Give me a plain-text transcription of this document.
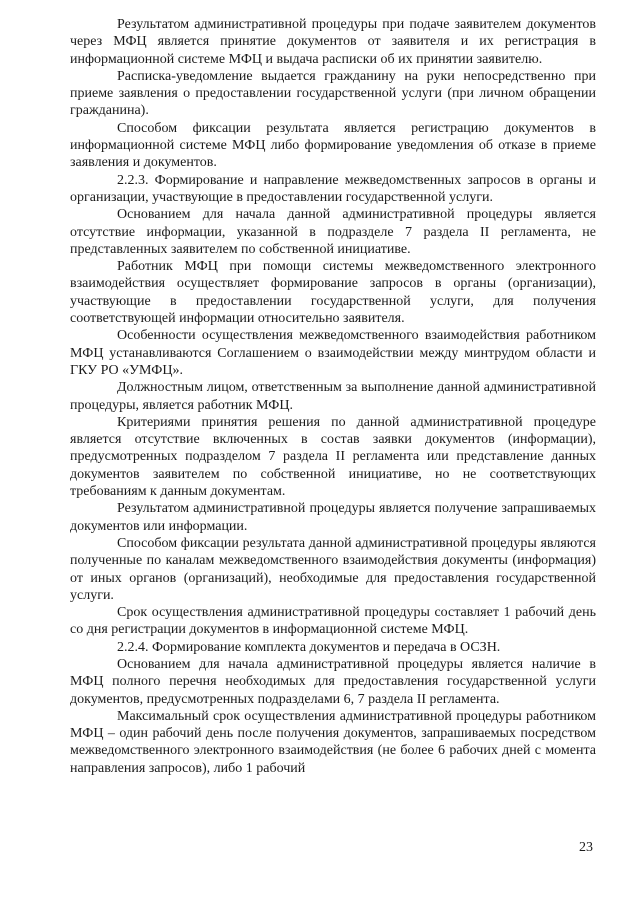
Результатом административной процедуры при подаче заявителем документов через МФЦ является принятие документов от заявителя и их регистрация в информационной системе МФЦ и выдача расписки об их принятии заявителю.

Расписка-уведомление выдается гражданину на руки непосредственно при приеме заявления о предоставлении государственной услуги (при личном обращении гражданина).

Способом фиксации результата является регистрацию документов в информационной системе МФЦ либо формирование уведомления об отказе в приеме заявления и документов.

2.2.3. Формирование и направление межведомственных запросов в органы и организации, участвующие в предоставлении государственной услуги.

Основанием для начала данной административной процедуры является отсутствие информации, указанной в подразделе 7 раздела II регламента, не представленных заявителем по собственной инициативе.

Работник МФЦ при помощи системы межведомственного электронного взаимодействия осуществляет формирование запросов в органы (организации), участвующие в предоставлении государственной услуги, для получения соответствующей информации относительно заявителя.

Особенности осуществления межведомственного взаимодействия работником МФЦ устанавливаются Соглашением о взаимодействии между минтрудом области и ГКУ РО «УМФЦ».

Должностным лицом, ответственным за выполнение данной административной процедуры, является работник МФЦ.

Критериями принятия решения по данной административной процедуре является отсутствие включенных в состав заявки документов (информации), предусмотренных подразделом 7 раздела II регламента или представление данных документов заявителем по собственной инициативе, но не соответствующих требованиям к данным документам.

Результатом административной процедуры является получение запрашиваемых документов или информации.

Способом фиксации результата данной административной процедуры являются полученные по каналам межведомственного взаимодействия документы (информация) от иных органов (организаций), необходимые для предоставления государственной услуги.

Срок осуществления административной процедуры составляет 1 рабочий день со дня регистрации документов в информационной системе МФЦ.

2.2.4. Формирование комплекта документов и передача в ОСЗН.

Основанием для начала административной процедуры является наличие в МФЦ полного перечня необходимых для предоставления государственной услуги документов, предусмотренных подразделами 6, 7 раздела II регламента.

Максимальный срок осуществления административной процедуры работником МФЦ – один рабочий день после получения документов, запрашиваемых посредством межведомственного электронного взаимодействия (не более 6 рабочих дней с момента направления запросов), либо 1 рабочий

23
